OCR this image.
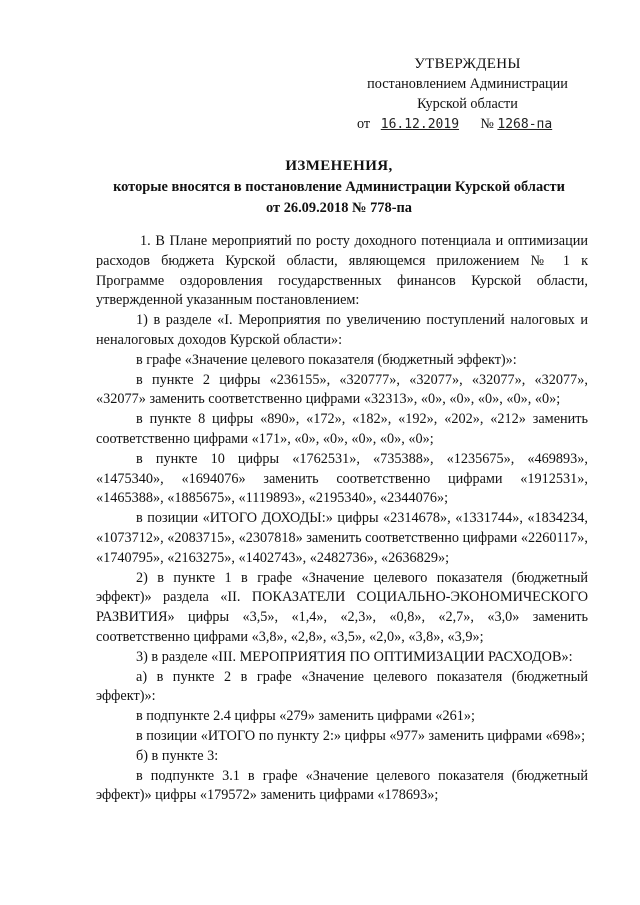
УТВЕРЖДЕНЫ
постановлением Администрации
Курской области
от 16.12.2019 № 1268-па
ИЗМЕНЕНИЯ,
которые вносятся в постановление Администрации Курской области
от 26.09.2018 № 778-па

1. В Плане мероприятий по росту доходного потенциала и оптимизации расходов бюджета Курской области, являющемся приложением № 1 к Программе оздоровления государственных финансов Курской области, утвержденной указанным постановлением:

1) в разделе «I. Мероприятия по увеличению поступлений налоговых и неналоговых доходов Курской области»:

в графе «Значение целевого показателя (бюджетный эффект)»:

в пункте 2 цифры «236155», «320777», «32077», «32077», «32077», «32077» заменить соответственно цифрами «32313», «0», «0», «0», «0», «0»;

в пункте 8 цифры «890», «172», «182», «192», «202», «212» заменить соответственно цифрами «171», «0», «0», «0», «0», «0»;

в пункте 10 цифры «1762531», «735388», «1235675», «469893», «1475340», «1694076» заменить соответственно цифрами «1912531», «1465388», «1885675», «1119893», «2195340», «2344076»;

в позиции «ИТОГО ДОХОДЫ:» цифры «2314678», «1331744», «1834234, «1073712», «2083715», «2307818» заменить соответственно цифрами «2260117», «1740795», «2163275», «1402743», «2482736», «2636829»;

2) в пункте 1 в графе «Значение целевого показателя (бюджетный эффект)» раздела «II. ПОКАЗАТЕЛИ СОЦИАЛЬНО-ЭКОНОМИЧЕСКОГО РАЗВИТИЯ» цифры «3,5», «1,4», «2,3», «0,8», «2,7», «3,0» заменить соответственно цифрами «3,8», «2,8», «3,5», «2,0», «3,8», «3,9»;

3) в разделе «III. МЕРОПРИЯТИЯ ПО ОПТИМИЗАЦИИ РАСХОДОВ»:

а) в пункте 2 в графе «Значение целевого показателя (бюджетный эффект)»:

в подпункте 2.4 цифры «279» заменить цифрами «261»;

в позиции «ИТОГО по пункту 2:» цифры «977» заменить цифрами «698»;

б) в пункте 3:

в подпункте 3.1 в графе «Значение целевого показателя (бюджетный эффект)» цифры «179572» заменить цифрами «178693»;
